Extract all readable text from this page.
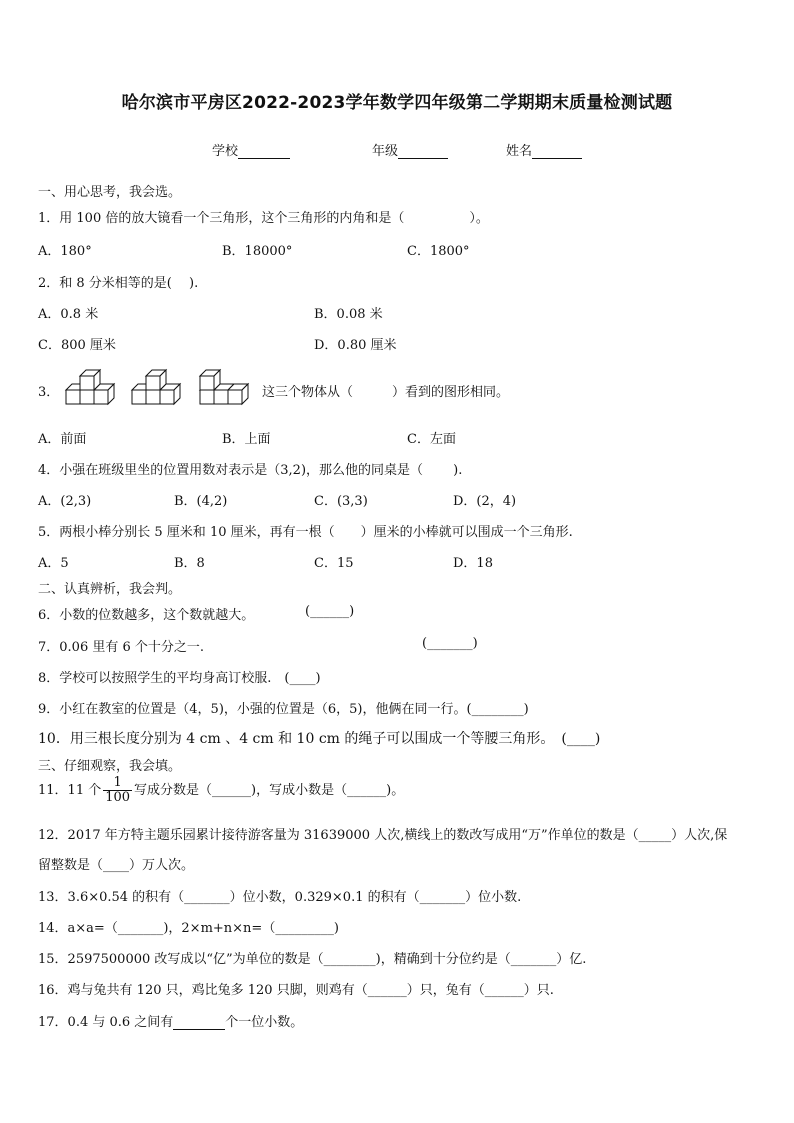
哈尔滨市平房区2022-2023学年数学四年级第二学期期末质量检测试题
学校	年级	姓名
一、用心思考，我会选。
1．用 100 倍的放大镜看一个三角形，这个三角形的内角和是（　　　　　）。
A．180°	B．18000°	C．1800°
2．和 8 分米相等的是(　 ).
A．0.8 米	B．0.08 米
C．800 厘米	D．0.80 厘米
3．	这三个物体从（　　　）看到的图形相同。
A．前面	B．上面	C．左面
4．小强在班级里坐的位置用数对表示是（3,2)，那么他的同桌是（　　 ).
A．(2,3)	B．(4,2)	C．(3,3)	D．(2，4)
5．两根小棒分别长 5 厘米和 10 厘米，再有一根（　　）厘米的小棒就可以围成一个三角形.
A．5	B．8	C．15	D．18
二、认真辨析，我会判。
6．小数的位数越多，这个数就越大。	(______)
7．0.06 里有 6 个十分之一.	(_______)
8．学校可以按照学生的平均身高订校服.　(____)
9．小红在教室的位置是（4，5)，小强的位置是（6，5)，他俩在同一行。(________)
10．用三根长度分别为 4 cm 、4 cm 和 10 cm 的绳子可以围成一个等腰三角形。　(____)
三、仔细观察，我会填。
11．11 个 $\frac{1}{100}$ 写成分数是（______)，写成小数是（______)。
12．2017 年方特主题乐园累计接待游客量为 31639000 人次,横线上的数改写成用“万”作单位的数是（_____）人次,保
留整数是（____）万人次。
13．3.6×0.54 的积有（_______）位小数，0.329×0.1 的积有（_______）位小数.
14．a×a=（_______)，2×m+n×n=（_________)
15．2597500000 改写成以“亿”为单位的数是（________)，精确到十分位约是（_______）亿.
16．鸡与兔共有 120 只，鸡比兔多 120 只脚，则鸡有（______）只，兔有（______）只.
17．0.4 与 0.6 之间有	个一位小数。
